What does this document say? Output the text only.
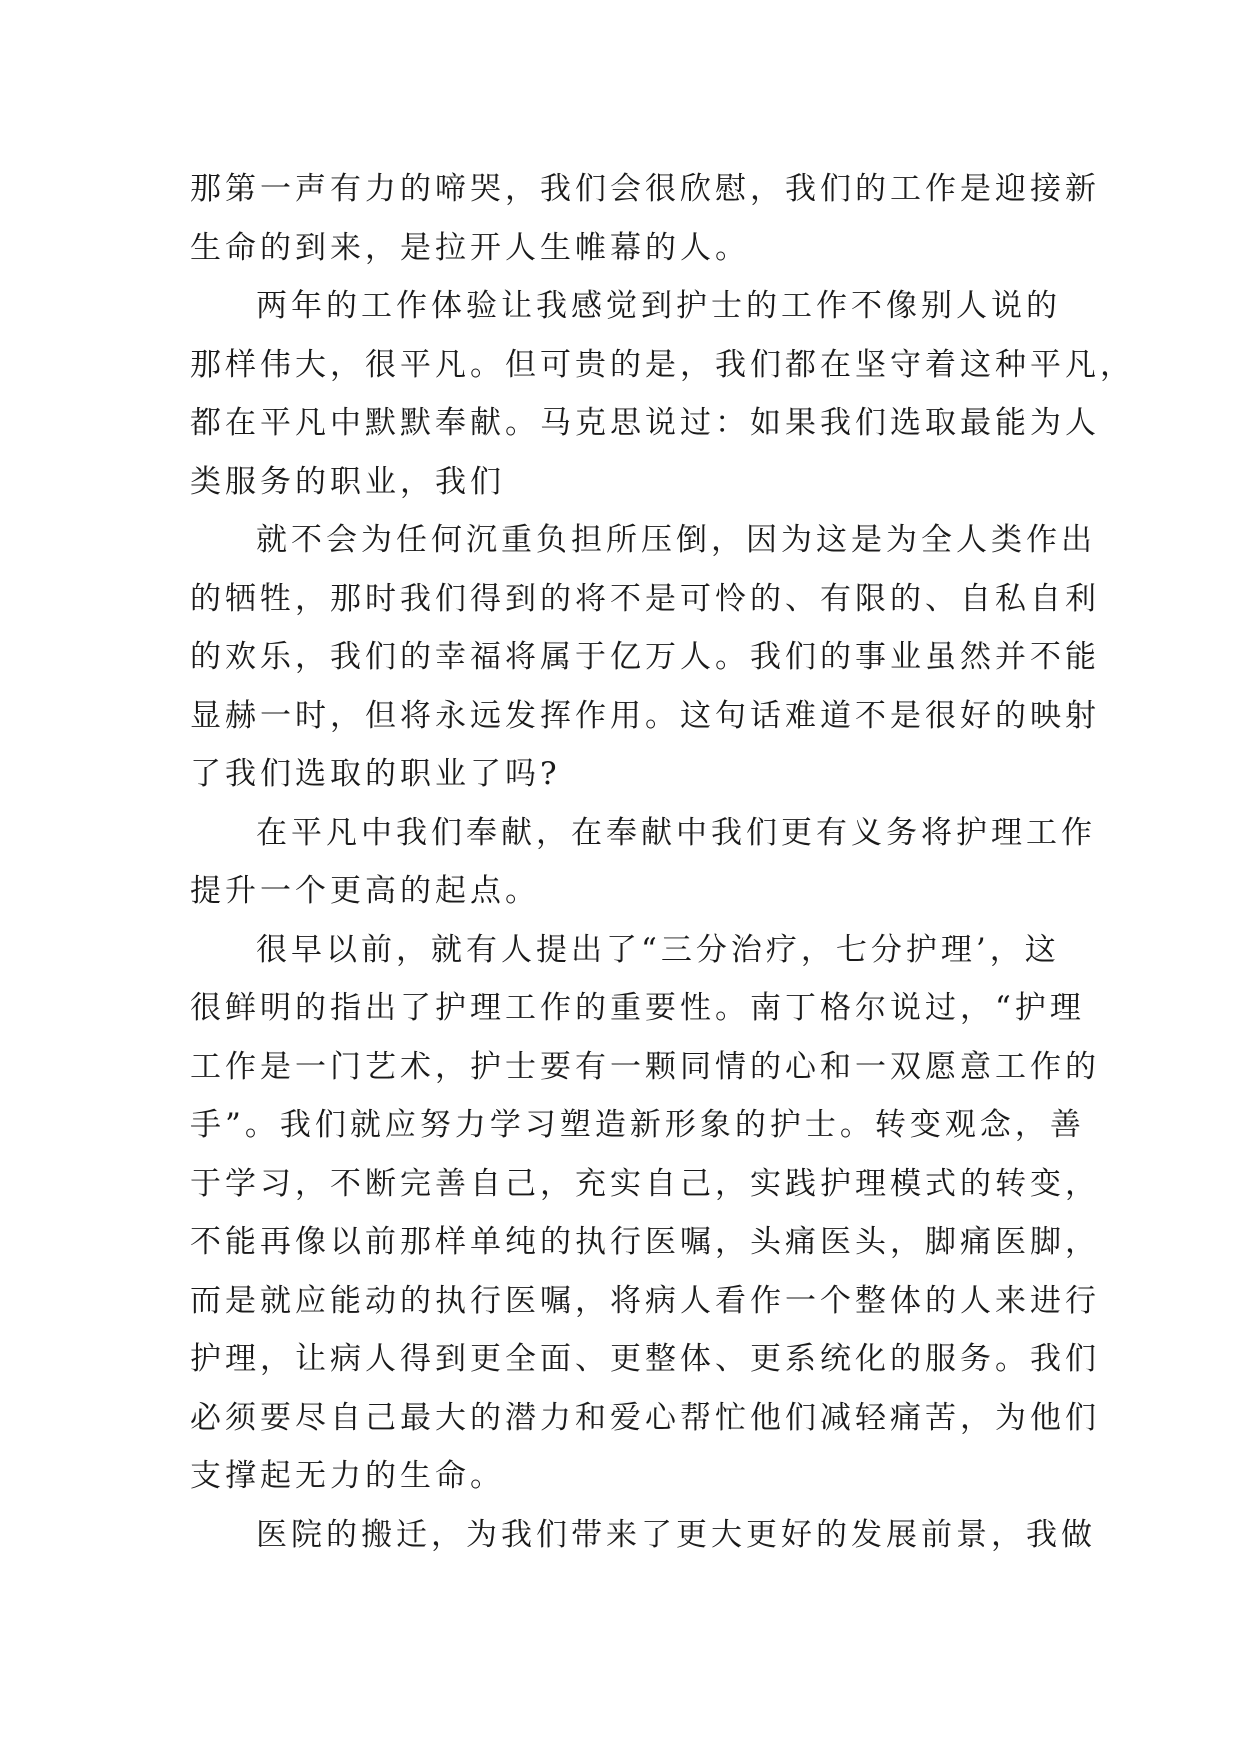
那第一声有力的啼哭，我们会很欣慰，我们的工作是迎接新
生命的到来，是拉开人生帷幕的人。
两年的工作体验让我感觉到护士的工作不像别人说的
那样伟大，很平凡。但可贵的是，我们都在坚守着这种平凡，
都在平凡中默默奉献。马克思说过：如果我们选取最能为人
类服务的职业，我们
就不会为任何沉重负担所压倒，因为这是为全人类作出
的牺牲，那时我们得到的将不是可怜的、有限的、自私自利
的欢乐，我们的幸福将属于亿万人。我们的事业虽然并不能
显赫一时，但将永远发挥作用。这句话难道不是很好的映射
了我们选取的职业了吗?
在平凡中我们奉献，在奉献中我们更有义务将护理工作
提升一个更高的起点。
很早以前，就有人提出了“三分治疗，七分护理’，这
很鲜明的指出了护理工作的重要性。南丁格尔说过，“护理
工作是一门艺术，护士要有一颗同情的心和一双愿意工作的
手”。我们就应努力学习塑造新形象的护士。转变观念，善
于学习，不断完善自己，充实自己，实践护理模式的转变，
不能再像以前那样单纯的执行医嘱，头痛医头，脚痛医脚，
而是就应能动的执行医嘱，将病人看作一个整体的人来进行
护理，让病人得到更全面、更整体、更系统化的服务。我们
必须要尽自己最大的潜力和爱心帮忙他们减轻痛苦，为他们
支撑起无力的生命。
医院的搬迁，为我们带来了更大更好的发展前景，我做
